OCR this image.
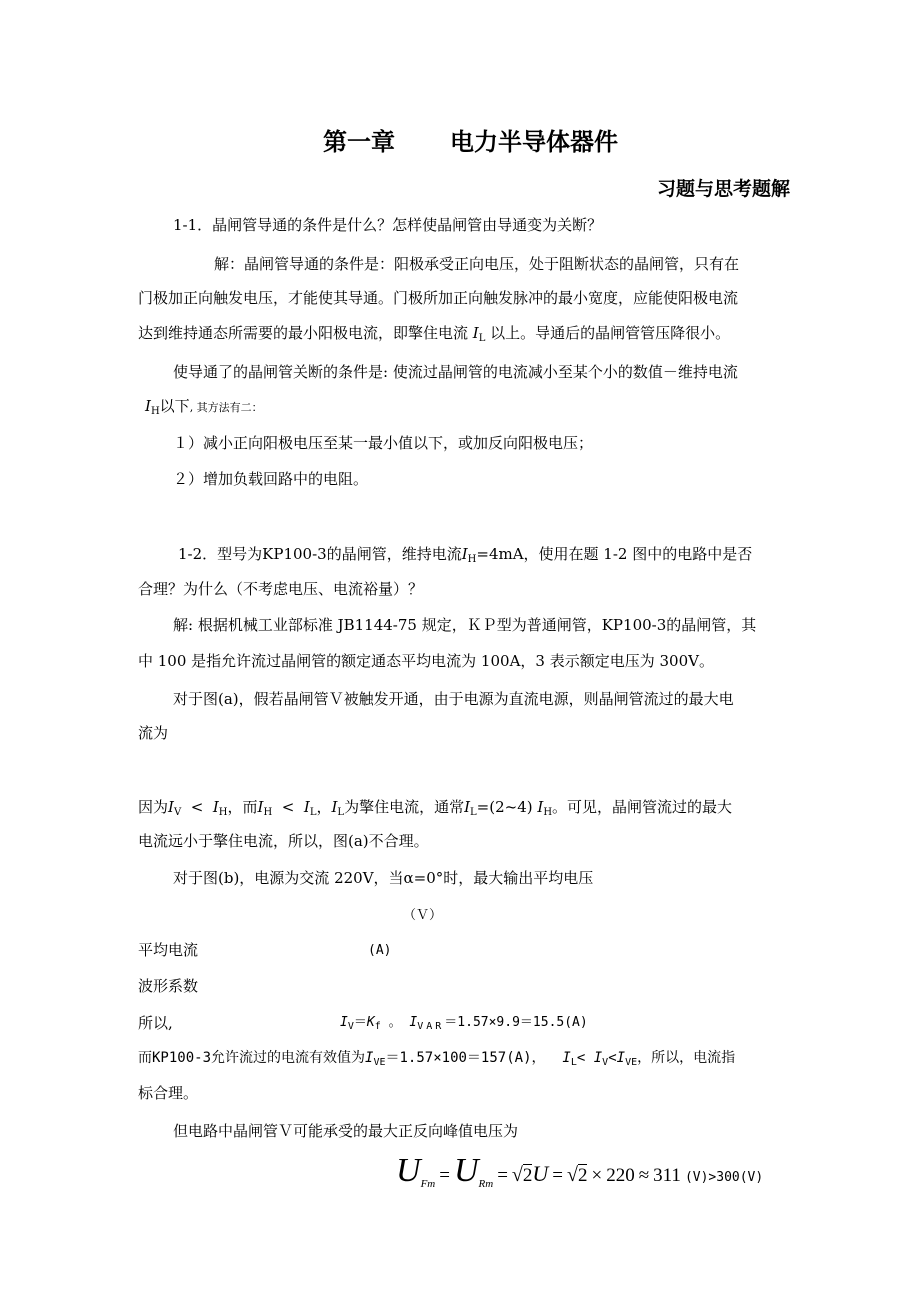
第一章 电力半导体器件
习题与思考题解
1-1．晶闸管导通的条件是什么？怎样使晶闸管由导通变为关断？
解：晶闸管导通的条件是：阳极承受正向电压，处于阻断状态的晶闸管，只有在
门极加正向触发电压，才能使其导通。门极所加正向触发脉冲的最小宽度，应能使阳极电流
达到维持通态所需要的最小阳极电流，即擎住电流 $I_L$ 以上。导通后的晶闸管管压降很小。
使导通了的晶闸管关断的条件是: 使流过晶闸管的电流减小至某个小的数值－维持电流
$I_H$以下, 其方法有二：
１）减小正向阳极电压至某一最小值以下，或加反向阳极电压；
２）增加负载回路中的电阻。
1-2．型号为KP100-3的晶闸管，维持电流$I_H=4mA$，使用在题 1-2 图中的电路中是否
合理？为什么（不考虑电压、电流裕量）？
解: 根据机械工业部标准 JB1144-75 规定，ＫＰ型为普通闸管，KP100-3的晶闸管，其
中 100 是指允许流过晶闸管的额定通态平均电流为 100A，3 表示额定电压为 300V。
对于图(a)，假若晶闸管Ｖ被触发开通，由于电源为直流电源，则晶闸管流过的最大电
流为
因为$I_V < I_H$，而$I_H < I_L$，$I_L$为擎住电流，通常$I_L=(2\sim 4)$ $I_H$。可见，晶闸管流过的最大
电流远小于擎住电流，所以，图(a)不合理。
对于图(b)，电源为交流 220V，当α=0°时，最大输出平均电压
（Ｖ）
平均电流	(A)
波形系数
所以,	$I_V=K_f$ 。 $I_{VAR}=1.57\times 9.9=15.5(A)$
而KP100-3允许流过的电流有效值为$I_{VE}=1.57\times 100=157(A)$， $I_L< I_V<I_{VE}$，所以，电流指
标合理。
但电路中晶闸管Ｖ可能承受的最大正反向峰值电压为
$U_{Fm} = U_{Rm} = √2U = √2 \times 220 \approx 311$ (V)>300(V)
